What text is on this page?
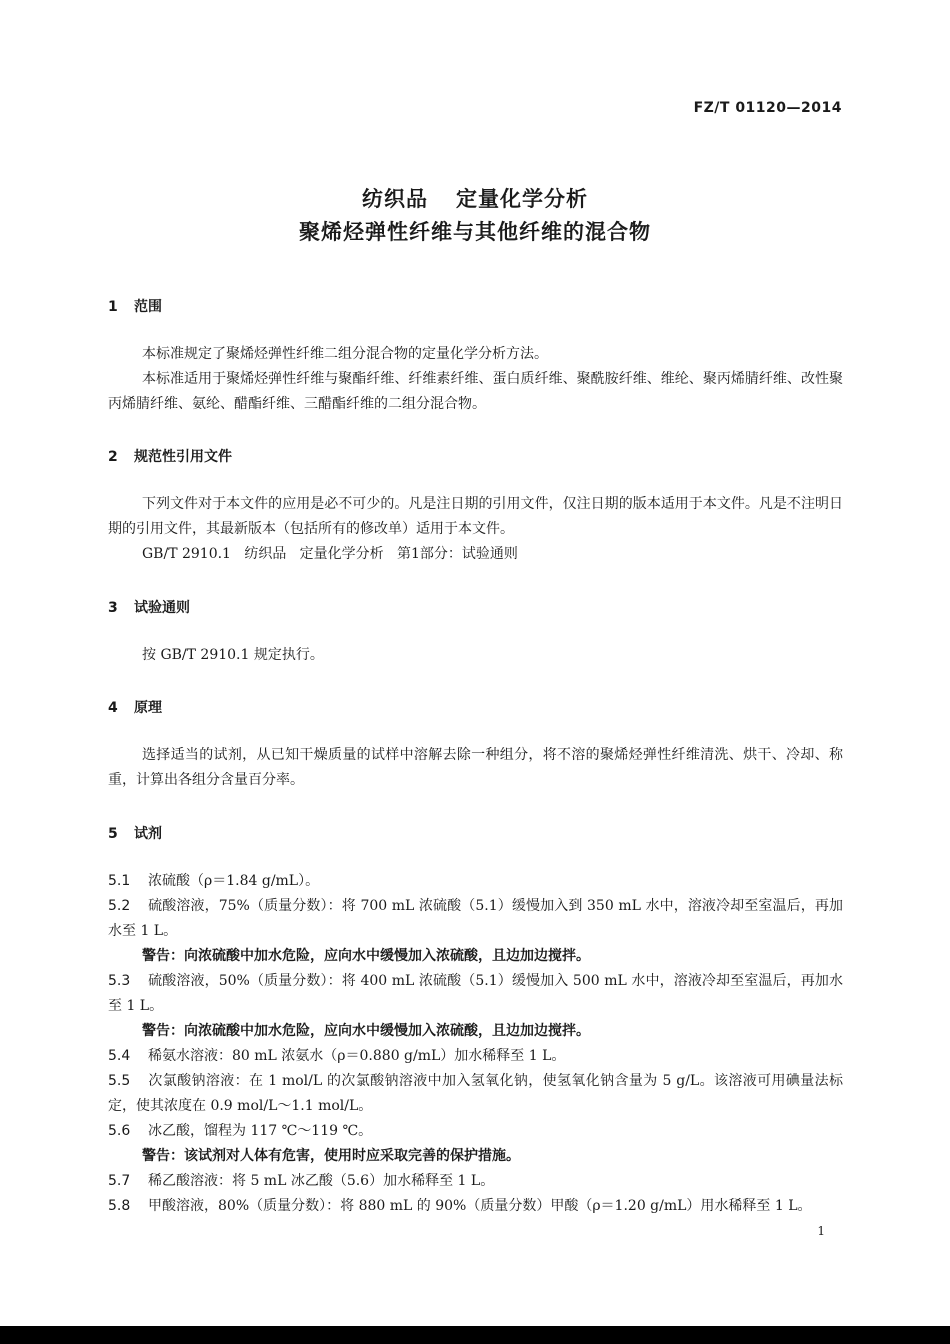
FZ/T 01120—2014
纺织品 定量化学分析
聚烯烃弹性纤维与其他纤维的混合物
1 范围
本标准规定了聚烯烃弹性纤维二组分混合物的定量化学分析方法。
本标准适用于聚烯烃弹性纤维与聚酯纤维、纤维素纤维、蛋白质纤维、聚酰胺纤维、维纶、聚丙烯腈纤维、改性聚丙烯腈纤维、氨纶、醋酯纤维、三醋酯纤维的二组分混合物。
2 规范性引用文件
下列文件对于本文件的应用是必不可少的。凡是注日期的引用文件，仅注日期的版本适用于本文件。凡是不注明日期的引用文件，其最新版本（包括所有的修改单）适用于本文件。
GB/T 2910.1   纺织品   定量化学分析   第1部分：试验通则
3 试验通则
按 GB/T 2910.1 规定执行。
4 原理
选择适当的试剂，从已知干燥质量的试样中溶解去除一种组分，将不溶的聚烯烃弹性纤维清洗、烘干、冷却、称重，计算出各组分含量百分率。
5 试剂
5.1 浓硫酸（ρ＝1.84 g/mL）。
5.2 硫酸溶液，75%（质量分数）：将 700 mL 浓硫酸（5.1）缓慢加入到 350 mL 水中，溶液冷却至室温后，再加水至 1 L。
警告：向浓硫酸中加水危险，应向水中缓慢加入浓硫酸，且边加边搅拌。
5.3 硫酸溶液，50%（质量分数）：将 400 mL 浓硫酸（5.1）缓慢加入 500 mL 水中，溶液冷却至室温后，再加水至 1 L。
警告：向浓硫酸中加水危险，应向水中缓慢加入浓硫酸，且边加边搅拌。
5.4 稀氨水溶液：80 mL 浓氨水（ρ＝0.880 g/mL）加水稀释至 1 L。
5.5 次氯酸钠溶液：在 1 mol/L 的次氯酸钠溶液中加入氢氧化钠，使氢氧化钠含量为 5 g/L。该溶液可用碘量法标定，使其浓度在 0.9 mol/L～1.1 mol/L。
5.6 冰乙酸，馏程为 117 ℃～119 ℃。
警告：该试剂对人体有危害，使用时应采取完善的保护措施。
5.7 稀乙酸溶液：将 5 mL 冰乙酸（5.6）加水稀释至 1 L。
5.8 甲酸溶液，80%（质量分数）：将 880 mL 的 90%（质量分数）甲酸（ρ＝1.20 g/mL）用水稀释至 1 L。
1
